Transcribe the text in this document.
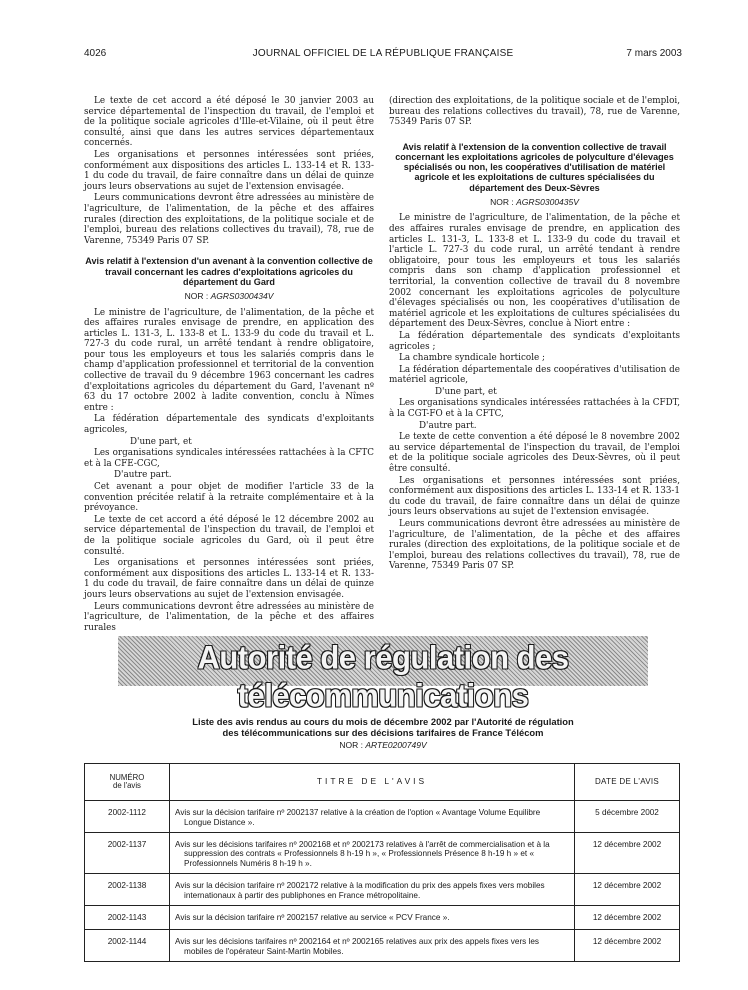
4026	JOURNAL OFFICIEL DE LA RÉPUBLIQUE FRANÇAISE	7 mars 2003

Le texte de cet accord a été déposé le 30 janvier 2003 au service départemental de l'inspection du travail, de l'emploi et de la politique sociale agricoles d'Ille-et-Vilaine, où il peut être consulté, ainsi que dans les autres services départementaux concernés.

Les organisations et personnes intéressées sont priées, conformément aux dispositions des articles L. 133-14 et R. 133-1 du code du travail, de faire connaître dans un délai de quinze jours leurs observations au sujet de l'extension envisagée.

Leurs communications devront être adressées au ministère de l'agriculture, de l'alimentation, de la pêche et des affaires rurales (direction des exploitations, de la politique sociale et de l'emploi, bureau des relations collectives du travail), 78, rue de Varenne, 75349 Paris 07 SP.

Avis relatif à l'extension d'un avenant à la convention collective de travail concernant les cadres d'exploitations agricoles du département du Gard
NOR : AGRS0300434V

Le ministre de l'agriculture, de l'alimentation, de la pêche et des affaires rurales envisage de prendre, en application des articles L. 131-3, L. 133-8 et L. 133-9 du code du travail et L. 727-3 du code rural, un arrêté tendant à rendre obligatoire, pour tous les employeurs et tous les salariés compris dans le champ d'application professionnel et territorial de la convention collective de travail du 9 décembre 1963 concernant les cadres d'exploitations agricoles du département du Gard, l'avenant nº 63 du 17 octobre 2002 à ladite convention, conclu à Nîmes entre :

La fédération départementale des syndicats d'exploitants agricoles,

D'une part, et

Les organisations syndicales intéressées rattachées à la CFTC et à la CFE-CGC,

D'autre part.

Cet avenant a pour objet de modifier l'article 33 de la convention précitée relatif à la retraite complémentaire et à la prévoyance.

Le texte de cet accord a été déposé le 12 décembre 2002 au service départemental de l'inspection du travail, de l'emploi et de la politique sociale agricoles du Gard, où il peut être consulté.

Les organisations et personnes intéressées sont priées, conformément aux dispositions des articles L. 133-14 et R. 133-1 du code du travail, de faire connaître dans un délai de quinze jours leurs observations au sujet de l'extension envisagée.

Leurs communications devront être adressées au ministère de l'agriculture, de l'alimentation, de la pêche et des affaires rurales

(direction des exploitations, de la politique sociale et de l'emploi, bureau des relations collectives du travail), 78, rue de Varenne, 75349 Paris 07 SP.

Avis relatif à l'extension de la convention collective de travail concernant les exploitations agricoles de polyculture d'élevages spécialisés ou non, les coopératives d'utilisation de matériel agricole et les exploitations de cultures spécialisées du département des Deux-Sèvres
NOR : AGRS0300435V

Le ministre de l'agriculture, de l'alimentation, de la pêche et des affaires rurales envisage de prendre, en application des articles L. 131-3, L. 133-8 et L. 133-9 du code du travail et l'article L. 727-3 du code rural, un arrêté tendant à rendre obligatoire, pour tous les employeurs et tous les salariés compris dans son champ d'application professionnel et territorial, la convention collective de travail du 8 novembre 2002 concernant les exploitations agricoles de polyculture d'élevages spécialisés ou non, les coopératives d'utilisation de matériel agricole et les exploitations de cultures spécialisées du département des Deux-Sèvres, conclue à Niort entre :

La fédération départementale des syndicats d'exploitants agricoles ;

La chambre syndicale horticole ;

La fédération départementale des coopératives d'utilisation de matériel agricole,

D'une part, et

Les organisations syndicales intéressées rattachées à la CFDT, à la CGT-FO et à la CFTC,

D'autre part.

Le texte de cette convention a été déposé le 8 novembre 2002 au service départemental de l'inspection du travail, de l'emploi et de la politique sociale agricoles des Deux-Sèvres, où il peut être consulté.

Les organisations et personnes intéressées sont priées, conformément aux dispositions des articles L. 133-14 et R. 133-1 du code du travail, de faire connaître dans un délai de quinze jours leurs observations au sujet de l'extension envisagée.

Leurs communications devront être adressées au ministère de l'agriculture, de l'alimentation, de la pêche et des affaires rurales (direction des exploitations, de la politique sociale et de l'emploi, bureau des relations collectives du travail), 78, rue de Varenne, 75349 Paris 07 SP.

Autorité de régulation des télécommunications
Liste des avis rendus au cours du mois de décembre 2002 par l'Autorité de régulation
des télécommunications sur des décisions tarifaires de France Télécom
NOR : ARTE0200749V
NUMÉRO
de l'avis	TITRE DE L'AVIS	DATE DE L'AVIS
2002-1112	Avis sur la décision tarifaire nº 2002137 relative à la création de l'option « Avantage Volume Equilibre Longue Distance ».	5 décembre 2002
2002-1137	Avis sur les décisions tarifaires nº 2002168 et nº 2002173 relatives à l'arrêt de commercialisation et à la suppression des contrats « Professionnels 8 h-19 h », « Professionnels Présence 8 h-19 h » et « Professionnels Numéris 8 h-19 h ».	12 décembre 2002
2002-1138	Avis sur la décision tarifaire nº 2002172 relative à la modification du prix des appels fixes vers mobiles internationaux à partir des publiphones en France métropolitaine.	12 décembre 2002
2002-1143	Avis sur la décision tarifaire nº 2002157 relative au service « PCV France ».	12 décembre 2002
2002-1144	Avis sur les décisions tarifaires nº 2002164 et nº 2002165 relatives aux prix des appels fixes vers les mobiles de l'opérateur Saint-Martin Mobiles.	12 décembre 2002
